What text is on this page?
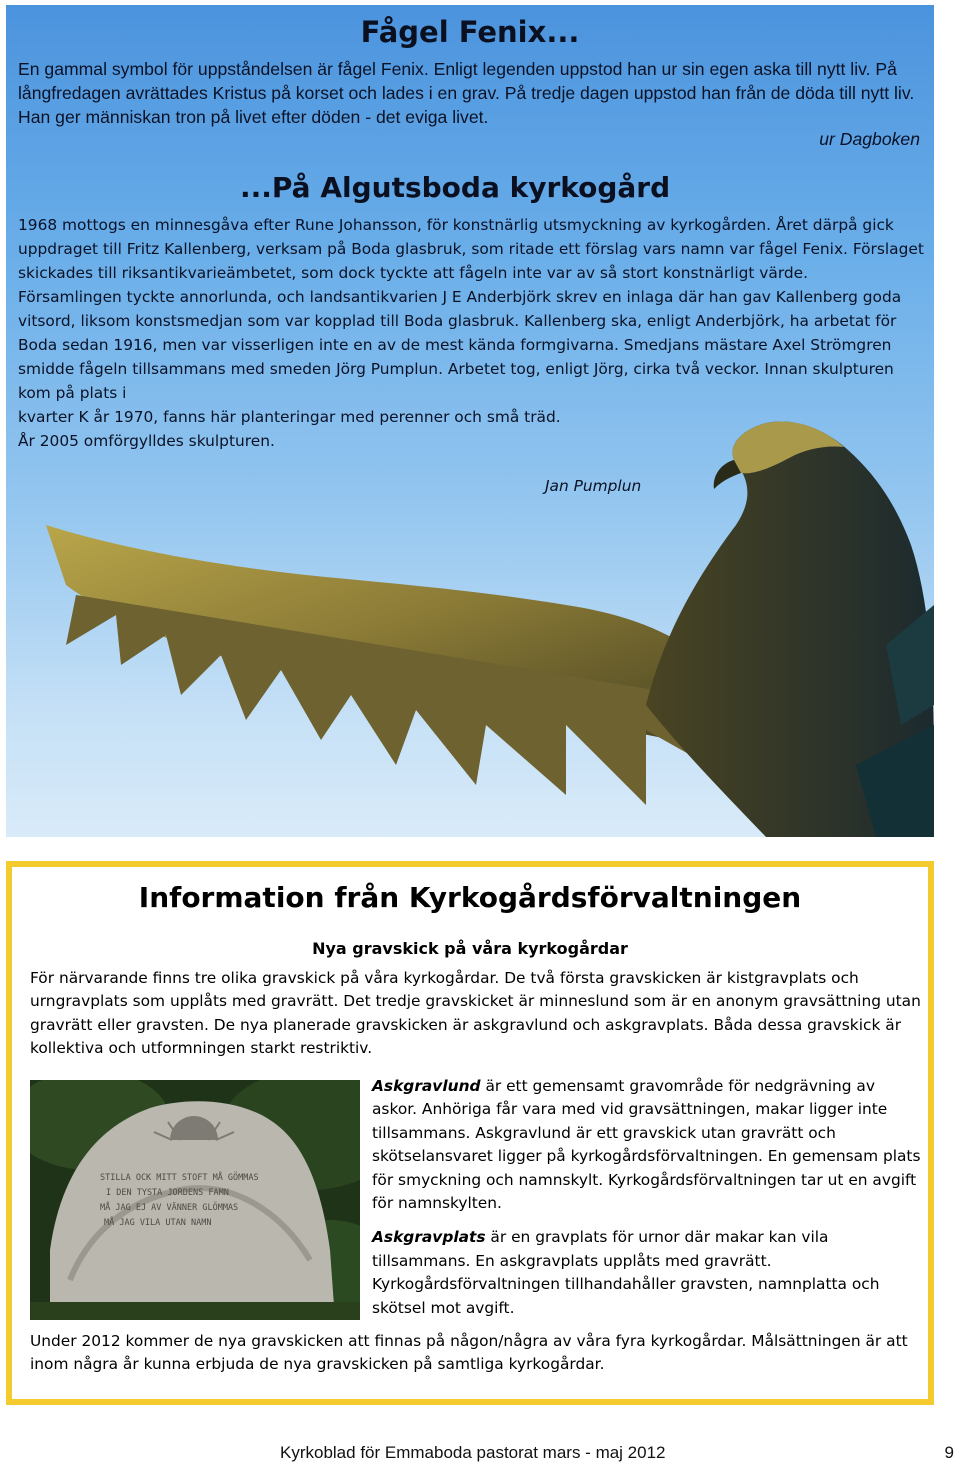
Fågel Fenix...
En gammal symbol för uppståndelsen är fågel Fenix. Enligt legenden uppstod han ur sin egen aska till nytt liv. På långfredagen avrättades Kristus på korset och lades i en grav. På tredje dagen uppstod han från de döda till nytt liv. Han ger människan tron på livet efter döden - det eviga livet.
ur Dagboken
...På Algutsboda kyrkogård

1968 mottogs en minnesgåva efter Rune Johansson, för konstnärlig utsmyckning av kyrkogården. Året därpå gick uppdraget till Fritz Kallenberg, verksam på Boda glasbruk, som ritade ett förslag vars namn var fågel Fenix. Förslaget skickades till riksantikvarieämbetet, som dock tyckte att fågeln inte var av så stort konstnärligt värde.

Församlingen tyckte annorlunda, och landsantikvarien J E Anderbjörk skrev en inlaga där han gav Kallenberg goda vitsord, liksom konstsmedjan som var kopplad till Boda glasbruk. Kallenberg ska, enligt Anderbjörk, ha arbetat för Boda sedan 1916, men var visserligen inte en av de mest kända formgivarna. Smedjans mästare Axel Strömgren smidde fågeln tillsammans med smeden Jörg Pumplun. Arbetet tog, enligt Jörg, cirka två veckor. Innan skulpturen kom på plats i

kvarter K år 1970, fanns här planteringar med perenner och små träd.

År 2005 omförgylldes skulpturen.

Jan Pumplun
Information från Kyrkogårdsförvaltningen
Nya gravskick på våra kyrkogårdar
För närvarande finns tre olika gravskick på våra kyrkogårdar. De två första gravskicken är kistgravplats och urngravplats som upplåts med gravrätt. Det tredje gravskicket är minneslund som är en anonym gravsättning utan gravrätt eller gravsten. De nya planerade gravskicken är askgravlund och askgravplats. Båda dessa gravskick är kollektiva och utformningen starkt restriktiv.
STILLA OCK MITT STOFT MÅ GÖMMAS
I DEN TYSTA JORDENS FAMN
MÅ JAG EJ AV VÄNNER GLÖMMAS
MÅ JAG VILA UTAN NAMN

Askgravlund är ett gemensamt gravområde för nedgrävning av askor. Anhöriga får vara med vid gravsättningen, makar ligger inte tillsammans. Askgravlund är ett gravskick utan gravrätt och skötselansvaret ligger på kyrkogårdsförvaltningen. En gemensam plats för smyckning och namnskylt. Kyrkogårdsförvaltningen tar ut en avgift för namnskylten.

Askgravplats är en gravplats för urnor där makar kan vila tillsammans. En askgravplats upplåts med gravrätt. Kyrkogårdsförvaltningen tillhandahåller gravsten, namnplatta och skötsel mot avgift.

Under 2012 kommer de nya gravskicken att finnas på någon/några av våra fyra kyrkogårdar. Målsättningen är att inom några år kunna erbjuda de nya gravskicken på samtliga kyrkogårdar.
Kyrkoblad för Emmaboda pastorat mars - maj 2012	9
